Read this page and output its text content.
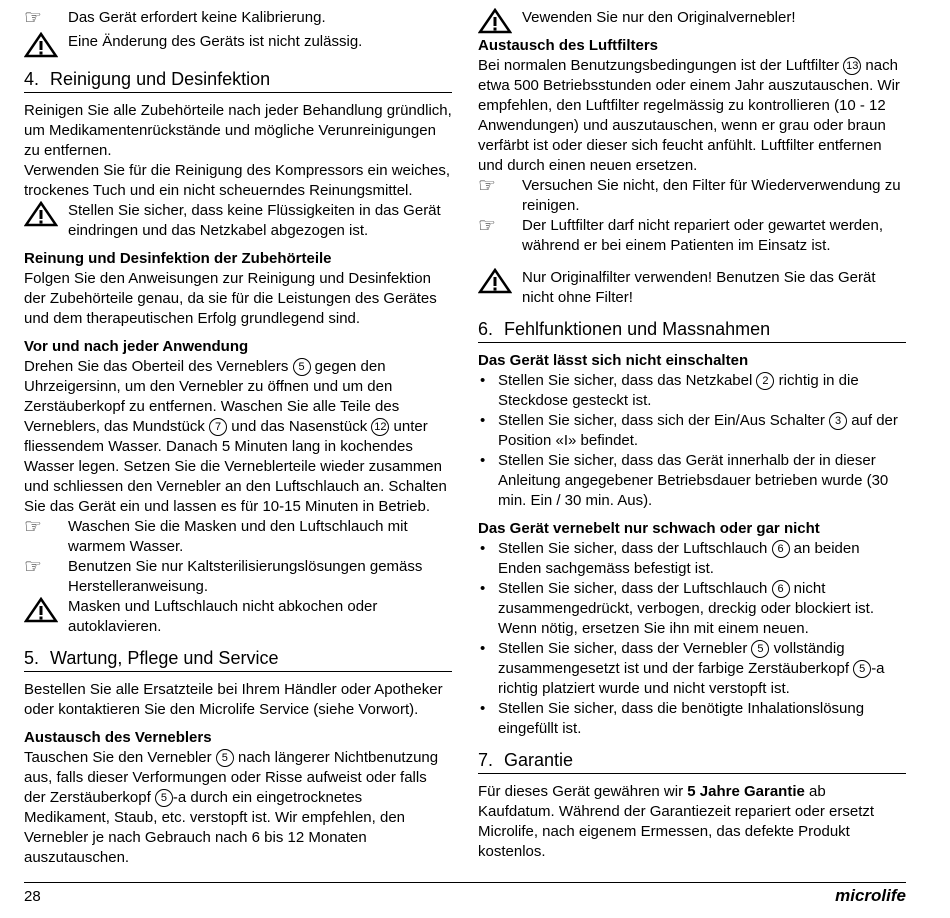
☞	Das Gerät erfordert keine Kalibrierung.

Eine Änderung des Geräts ist nicht zulässig.

4. Reinigung und Desinfektion

Reinigen Sie alle Zubehörteile nach jeder Behandlung gründlich, um Medikamentenrückstände und mögliche Verunreinigungen zu entfernen.

Verwenden Sie für die Reinigung des Kompressors ein weiches, trockenes Tuch und ein nicht scheuerndes Reinungsmittel.

Stellen Sie sicher, dass keine Flüssigkeiten in das Gerät eindringen und das Netzkabel abgezogen ist.

Reinung und Desinfektion der Zubehörteile

Folgen Sie den Anweisungen zur Reinigung und Desinfektion der Zubehörteile genau, da sie für die Leistungen des Gerätes und dem therapeutischen Erfolg grundlegend sind.

Vor und nach jeder Anwendung

Drehen Sie das Oberteil des Verneblers 5 gegen den Uhrzeigersinn, um den Vernebler zu öffnen und um den Zerstäuberkopf zu entfernen. Waschen Sie alle Teile des Verneblers, das Mundstück 7 und das Nasenstück 12 unter fliessendem Wasser. Danach 5 Minuten lang in kochendes Wasser legen. Setzen Sie die Verneblerteile wieder zusammen und schliessen den Vernebler an den Luftschlauch an. Schalten Sie das Gerät ein und lassen es für 10-15 Minuten in Betrieb.

☞	Waschen Sie die Masken und den Luftschlauch mit warmem Wasser.

☞	Benutzen Sie nur Kaltsterilisierungslösungen gemäss Herstelleranweisung.

Masken und Luftschlauch nicht abkochen oder autoklavieren.

5. Wartung, Pflege und Service

Bestellen Sie alle Ersatzteile bei Ihrem Händler oder Apotheker oder kontaktieren Sie den Microlife Service (siehe Vorwort).

Austausch des Verneblers

Tauschen Sie den Vernebler 5 nach längerer Nichtbenutzung aus, falls dieser Verformungen oder Risse aufweist oder falls der Zerstäuberkopf 5 -a durch ein eingetrocknetes Medikament, Staub, etc. verstopft ist. Wir empfehlen, den Vernebler je nach Gebrauch nach 6 bis 12 Monaten auszutauschen.

Vewenden Sie nur den Originalvernebler!

Austausch des Luftfilters

Bei normalen Benutzungsbedingungen ist der Luftfilter 13 nach etwa 500 Betriebsstunden oder einem Jahr auszutauschen. Wir empfehlen, den Luftfilter regelmässig zu kontrollieren (10 - 12 Anwendungen) und auszutauschen, wenn er grau oder braun verfärbt ist oder dieser sich feucht anfühlt. Luftfilter entfernen und durch einen neuen ersetzen.

☞	Versuchen Sie nicht, den Filter für Wiederverwendung zu reinigen.

☞	Der Luftfilter darf nicht repariert oder gewartet werden, während er bei einem Patienten im Einsatz ist.

Nur Originalfilter verwenden! Benutzen Sie das Gerät nicht ohne Filter!

6. Fehlfunktionen und Massnahmen

Das Gerät lässt sich nicht einschalten

• Stellen Sie sicher, dass das Netzkabel 2 richtig in die Steckdose gesteckt ist.
• Stellen Sie sicher, dass sich der Ein/Aus Schalter 3 auf der Position «I» befindet.
• Stellen Sie sicher, dass das Gerät innerhalb der in dieser Anleitung angegebener Betriebsdauer betrieben wurde (30 min. Ein / 30 min. Aus).

Das Gerät vernebelt nur schwach oder gar nicht

• Stellen Sie sicher, dass der Luftschlauch 6 an beiden Enden sachgemäss befestigt ist.
• Stellen Sie sicher, dass der Luftschlauch 6 nicht zusammengedrückt, verbogen, dreckig oder blockiert ist. Wenn nötig, ersetzen Sie ihn mit einem neuen.
• Stellen Sie sicher, dass der Vernebler 5 vollständig zusammengesetzt ist und der farbige Zerstäuberkopf 5 -a richtig platziert wurde und nicht verstopft ist.
• Stellen Sie sicher, dass die benötigte Inhalationslösung eingefüllt ist.
7. Garantie

Für dieses Gerät gewähren wir 5 Jahre Garantie ab Kaufdatum. Während der Garantiezeit repariert oder ersetzt Microlife, nach eigenem Ermessen, das defekte Produkt kostenlos.

28	microlife
